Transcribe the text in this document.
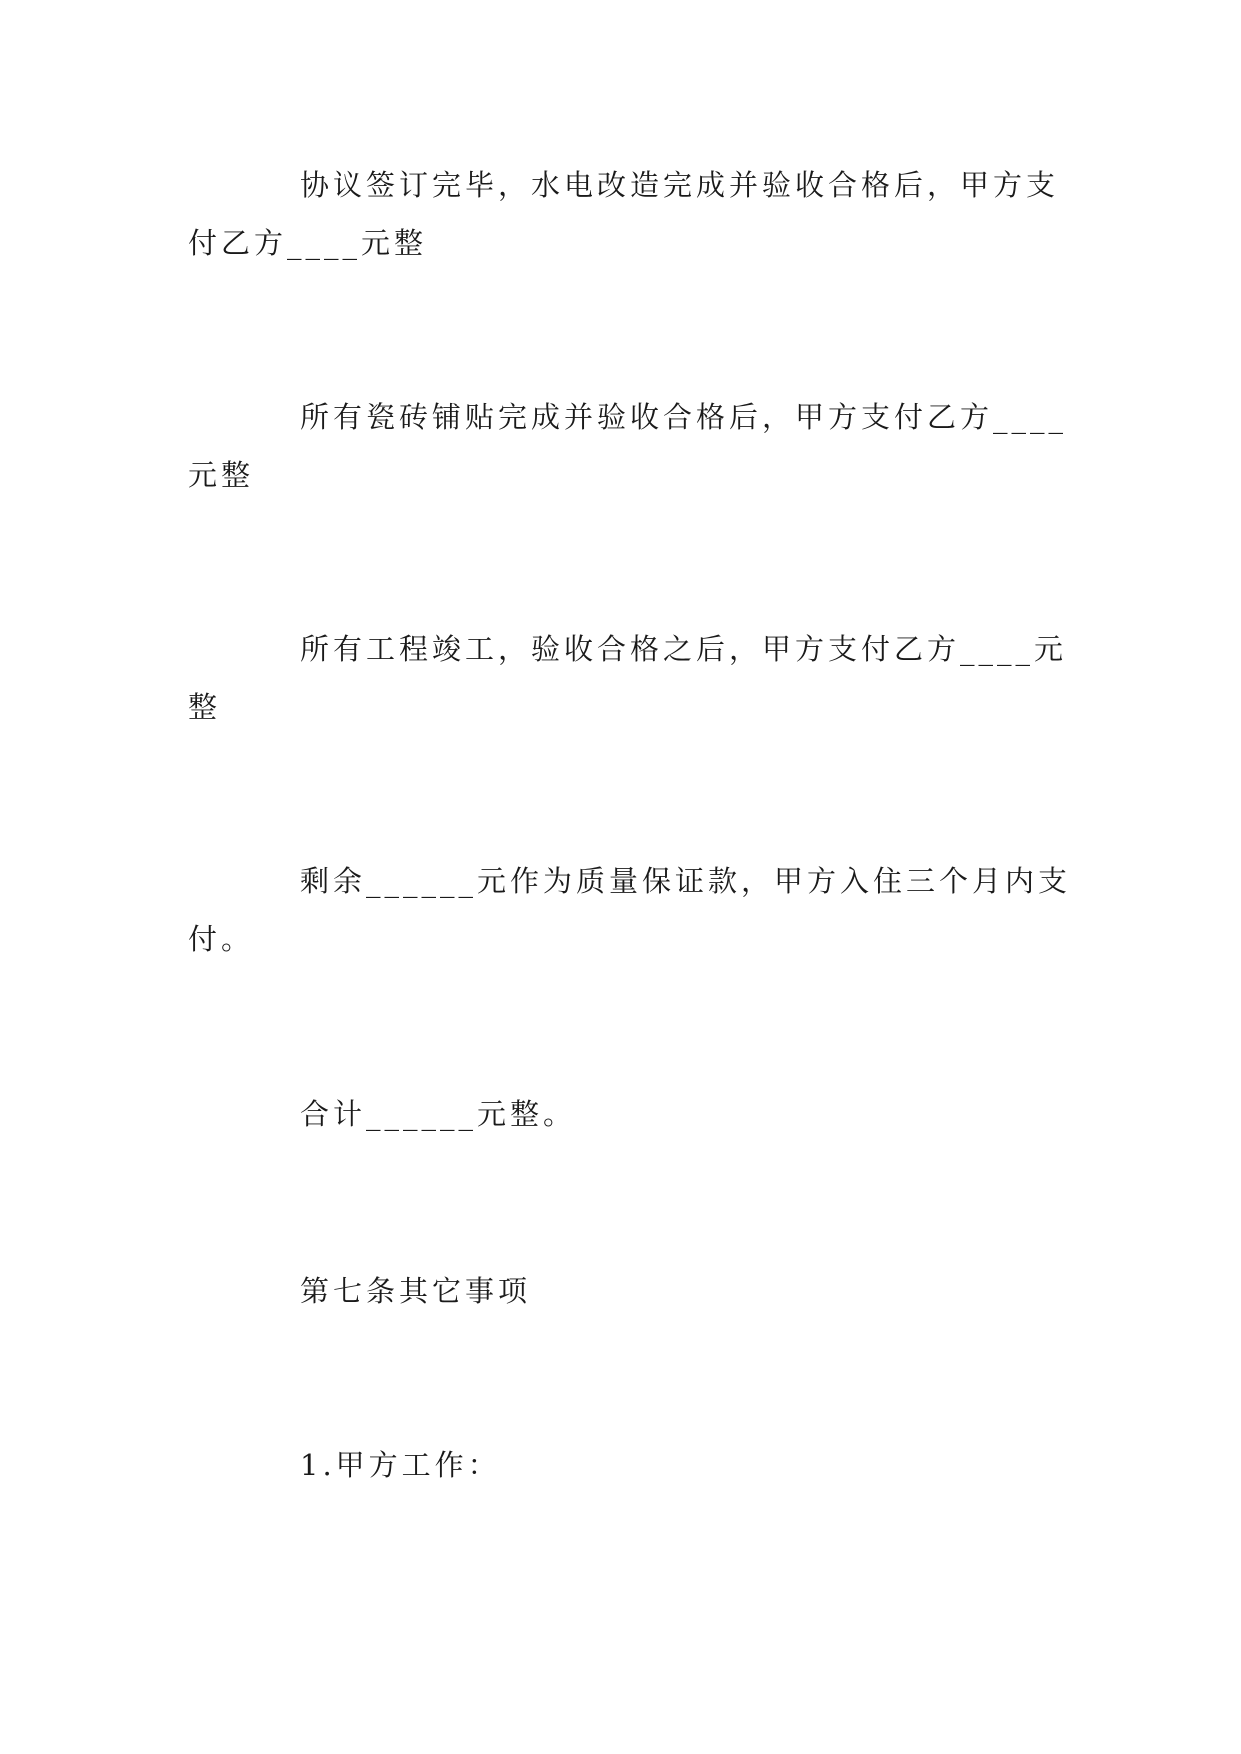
协议签订完毕，水电改造完成并验收合格后，甲方支
付乙方____元整

所有瓷砖铺贴完成并验收合格后，甲方支付乙方____
元整

所有工程竣工，验收合格之后，甲方支付乙方____元
整

剩余______元作为质量保证款，甲方入住三个月内支
付。

合计______元整。

第七条其它事项

1.甲方工作：
